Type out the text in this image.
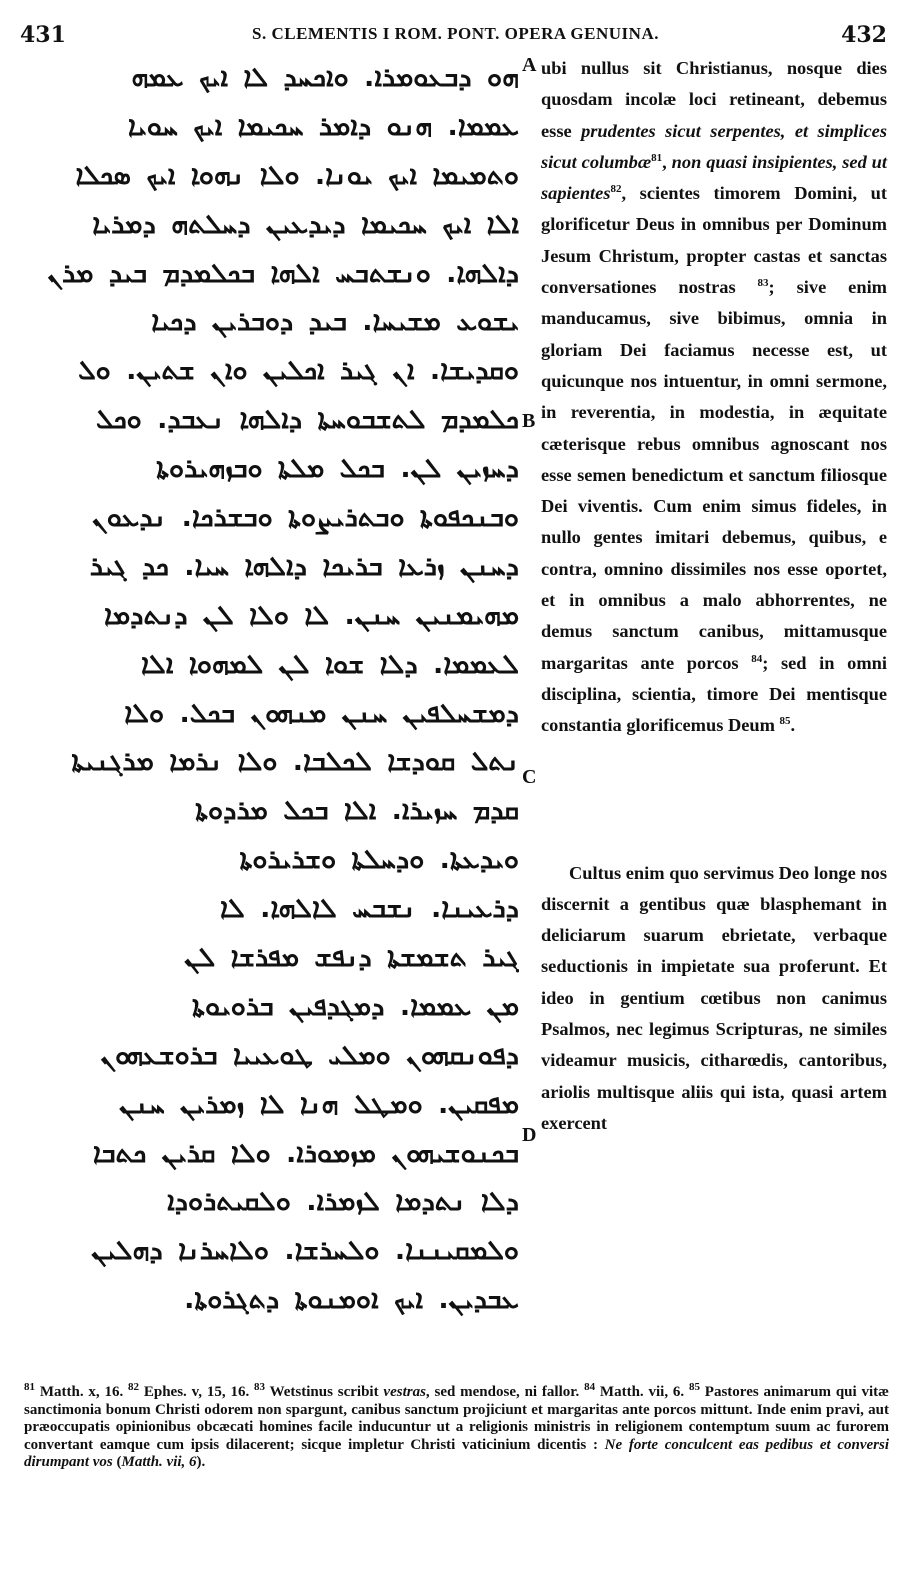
431	S. CLEMENTIS I ROM. PONT. OPERA GENUINA.	432
ܗܘ ܕܒܥܘܡܪܐ. ܘܐܟܚܕ ܠܐ ܐܝܟ ܥܡܗ
ܥܡܡܐ. ܗܢܘ ܕܐܡܪ ܚܟܝܡܐ ܐܝܟ ܚܘܝܐ
ܘܬܡܝܡܐ ܐܝܟ ܝܘܢܐ. ܘܠܐ ܢܗܘܐ ܐܝܟ ܣܟܠܐ
ܐܠܐ ܐܝܟ ܚܟܝܡܐ ܕܝܕܥܝܢ ܕܚܠܬܗ ܕܡܪܝܐ
ܕܐܠܗܐ. ܘܢܫܬܒܚ ܐܠܗܐ ܒܟܠܡܕܡ ܒܝܕ ܡܪܢ
ܝܫܘܥ ܡܫܝܚܐ. ܒܝܕ ܕܘܒܪܝܢ ܕܟܝܐ
ܘܩܕܝܫܐ. ܐܢ ܓܝܪ ܐܟܠܝܢ ܘܐܢ ܫܬܝܢ. ܘܠ
ܟܠܡܕܡ ܠܬܫܒܘܚܬܐ ܕܐܠܗܐ ܢܥܒܕ. ܘܟܠ
ܕܚܙܝܢ ܠܢ. ܒܟܠ ܡܠܬܐ ܘܒܙܗܝܪܘܬܐ
ܘܒܢܟܦܘܬܐ ܘܒܬܪܝܨܘܬܐ ܘܒܫܪܟܐ. ܢܕܥܘܢ
ܕܚܢܢ ܙܪܥܐ ܒܪܝܟܐ ܕܐܠܗܐ ܚܝܐ. ܟܕ ܓܝܪ
ܡܗܝܡܢܝܢ ܚܢܢ. ܠܐ ܘܠܐ ܠܢ ܕܢܬܕܡܐ
ܠܥܡܡܐ. ܕܠܐ ܫܘܐ ܠܢ ܠܡܗܘܐ ܐܠܐ
ܕܡܫܚܠܦܝܢ ܚܢܢ ܡܢܗܘܢ ܒܟܠ. ܘܠܐ
ܢܬܠ ܩܘܕܫܐ ܠܟܠܒܐ. ܘܠܐ ܢܪܡܐ ܡܪܓܢܝܬܐ
ܩܕܡ ܚܙܝܪܐ. ܐܠܐ ܒܟܠ ܡܪܕܘܬܐ
ܘܝܕܥܬܐ. ܘܕܚܠܬܐ ܘܫܪܝܪܘܬܐ
ܕܪܥܝܢܐ. ܢܫܒܚ ܠܐܠܗܐ. ܠܐ
ܓܝܪ ܬܫܡܫܬܐ ܕܢܦܫ ܡܦܪܫܐ ܠܢ
ܡܢ ܥܡܡܐ. ܕܡܓܕܦܝܢ ܒܪܘܝܘܬܐ
ܕܦܘܢܩܗܘܢ ܘܡܠܝ ܛܘܥܝܝܐ ܒܪܘܫܥܗܘܢ
ܡܦܩܝܢ. ܘܡܛܠ ܗܢܐ ܠܐ ܙܡܪܝܢ ܚܢܢ
ܒܟܢܘܫܝܗܘܢ ܡܙܡܘܪܐ. ܘܠܐ ܩܪܝܢ ܟܬܒܐ
ܕܠܐ ܢܬܕܡܐ ܠܙܡܪܐ. ܘܠܩܝܬܪܘܕܐ
ܘܠܡܩܝܢܢܐ. ܘܠܚܪܫܐ. ܘܠܐܚܪܢܐ ܕܗܠܝܢ
ܥܒܕܝܢ. ܐܝܟ ܐܘܡܢܘܬܐ ܕܬܓܪܘܬܐ.
A
B
C
D

ubi nullus sit Christianus, nosque dies quosdam incolæ loci retineant, debemus esse prudentes sicut serpentes, et simplices sicut columbæ$^{81}$, non quasi insipientes, sed ut sapientes$^{82}$, scientes timorem Domini, ut glorificetur Deus in omnibus per Dominum Jesum Christum, propter castas et sanctas conversationes nostras $^{83}$; sive enim manducamus, sive bibimus, omnia in gloriam Dei faciamus necesse est, ut quicunque nos intuentur, in omni sermone, in reverentia, in modestia, in æquitate cæterisque rebus omnibus agnoscant nos esse semen benedictum et sanctum filiosque Dei viventis. Cum enim simus fideles, in nullo gentes imitari debemus, quibus, e contra, omnino dissimiles nos esse oportet, et in omnibus a malo abhorrentes, ne demus sanctum canibus, mittamusque margaritas ante porcos $^{84}$; sed in omni disciplina, scientia, timore Dei mentisque constantia glorificemus Deum $^{85}$.

Cultus enim quo servimus Deo longe nos discernit a gentibus quæ blasphemant in deliciarum suarum ebrietate, verbaque seductionis in impietate sua proferunt. Et ideo in gentium cœtibus non canimus Psalmos, nec legimus Scripturas, ne similes videamur musicis, citharœdis, cantoribus, ariolis multisque aliis qui ista, quasi artem exercent

$^{81}$ Matth. x, 16. $^{82}$ Ephes. v, 15, 16. $^{83}$ Wetstinus scribit vestras, sed mendose, ni fallor. $^{84}$ Matth. vii, 6. $^{85}$ Pastores animarum qui vitæ sanctimonia bonum Christi odorem non spargunt, canibus sanctum projiciunt et margaritas ante porcos mittunt. Inde enim pravi, aut præoccupatis opinionibus obcæcati homines facile inducuntur ut a religionis ministris in religionem contemptum suum ac furorem convertant eamque cum ipsis dilacerent; sicque impletur Christi vaticinium dicentis : Ne forte conculcent eas pedibus et conversi dirumpant vos (Matth. vii, 6).
